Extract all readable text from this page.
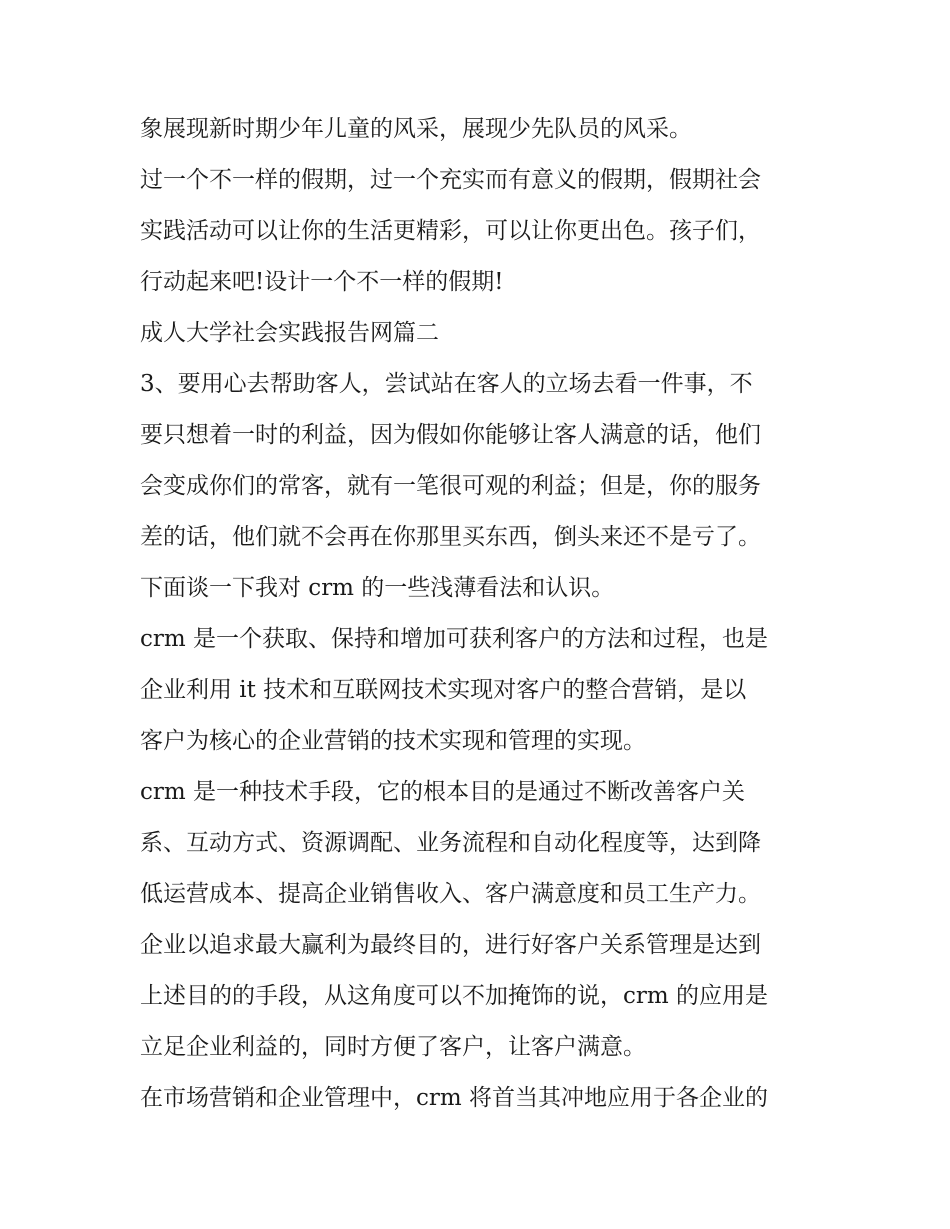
象展现新时期少年儿童的风采，展现少先队员的风采。
过一个不一样的假期，过一个充实而有意义的假期，假期社会
实践活动可以让你的生活更精彩，可以让你更出色。孩子们，
行动起来吧!设计一个不一样的假期!
成人大学社会实践报告网篇二
3、要用心去帮助客人，尝试站在客人的立场去看一件事，不
要只想着一时的利益，因为假如你能够让客人满意的话，他们
会变成你们的常客，就有一笔很可观的利益；但是，你的服务
差的话，他们就不会再在你那里买东西，倒头来还不是亏了。
下面谈一下我对 crm 的一些浅薄看法和认识。
crm 是一个获取、保持和增加可获利客户的方法和过程，也是
企业利用 it 技术和互联网技术实现对客户的整合营销，是以
客户为核心的企业营销的技术实现和管理的实现。
crm 是一种技术手段，它的根本目的是通过不断改善客户关
系、互动方式、资源调配、业务流程和自动化程度等，达到降
低运营成本、提高企业销售收入、客户满意度和员工生产力。
企业以追求最大赢利为最终目的，进行好客户关系管理是达到
上述目的的手段，从这角度可以不加掩饰的说，crm 的应用是
立足企业利益的，同时方便了客户，让客户满意。
在市场营销和企业管理中，crm 将首当其冲地应用于各企业的
